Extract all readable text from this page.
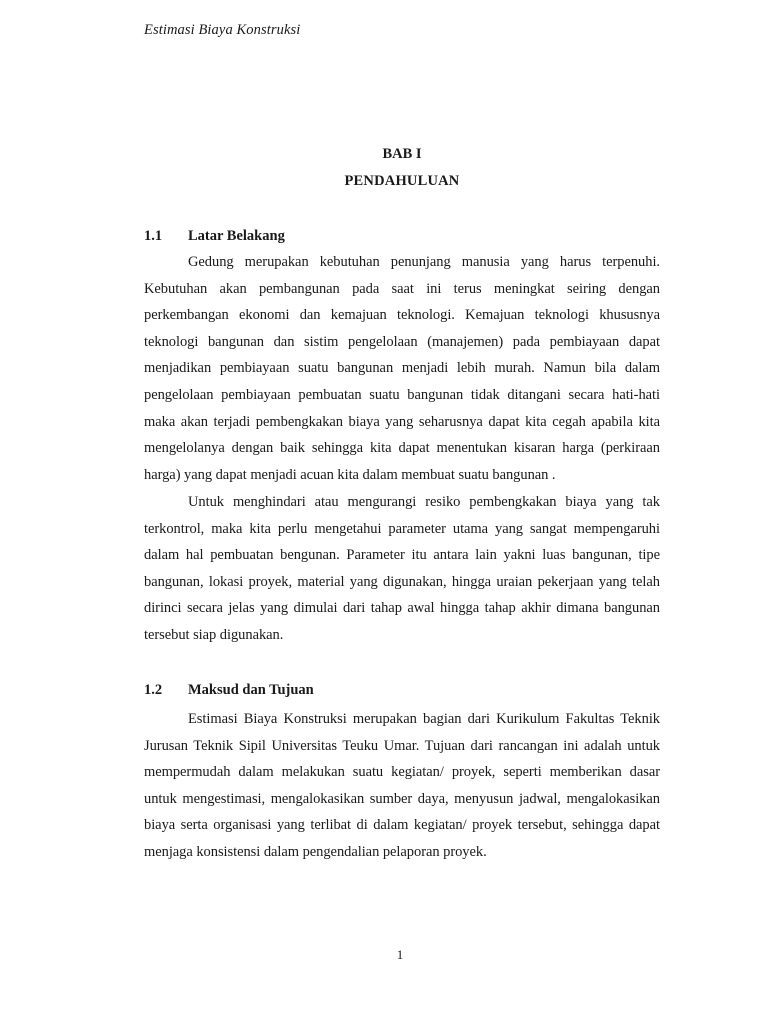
Estimasi Biaya Konstruksi
BAB I
PENDAHULUAN
1.1 Latar Belakang

Gedung merupakan kebutuhan penunjang manusia yang harus terpenuhi. Kebutuhan akan pembangunan pada saat ini terus meningkat seiring dengan perkembangan ekonomi dan kemajuan teknologi. Kemajuan teknologi khususnya teknologi bangunan dan sistim pengelolaan (manajemen) pada pembiayaan dapat menjadikan pembiayaan suatu bangunan menjadi lebih murah. Namun bila dalam pengelolaan pembiayaan pembuatan suatu bangunan tidak ditangani secara hati-hati maka akan terjadi pembengkakan biaya yang seharusnya dapat kita cegah apabila kita mengelolanya dengan baik sehingga kita dapat menentukan kisaran harga (perkiraan harga) yang dapat menjadi acuan kita dalam membuat suatu bangunan .

Untuk menghindari atau mengurangi resiko pembengkakan biaya yang tak terkontrol, maka kita perlu mengetahui parameter utama yang sangat mempengaruhi dalam hal pembuatan bengunan. Parameter itu antara lain yakni luas bangunan, tipe bangunan, lokasi proyek, material yang digunakan, hingga uraian pekerjaan yang telah dirinci secara jelas yang dimulai dari tahap awal hingga tahap akhir dimana bangunan tersebut siap digunakan.

1.2 Maksud dan Tujuan

Estimasi Biaya Konstruksi merupakan bagian dari Kurikulum Fakultas Teknik Jurusan Teknik Sipil Universitas Teuku Umar. Tujuan dari rancangan ini adalah untuk mempermudah dalam melakukan suatu kegiatan/ proyek, seperti memberikan dasar untuk mengestimasi, mengalokasikan sumber daya, menyusun jadwal, mengalokasikan biaya serta organisasi yang terlibat di dalam kegiatan/ proyek tersebut, sehingga dapat menjaga konsistensi dalam pengendalian pelaporan proyek.

1
